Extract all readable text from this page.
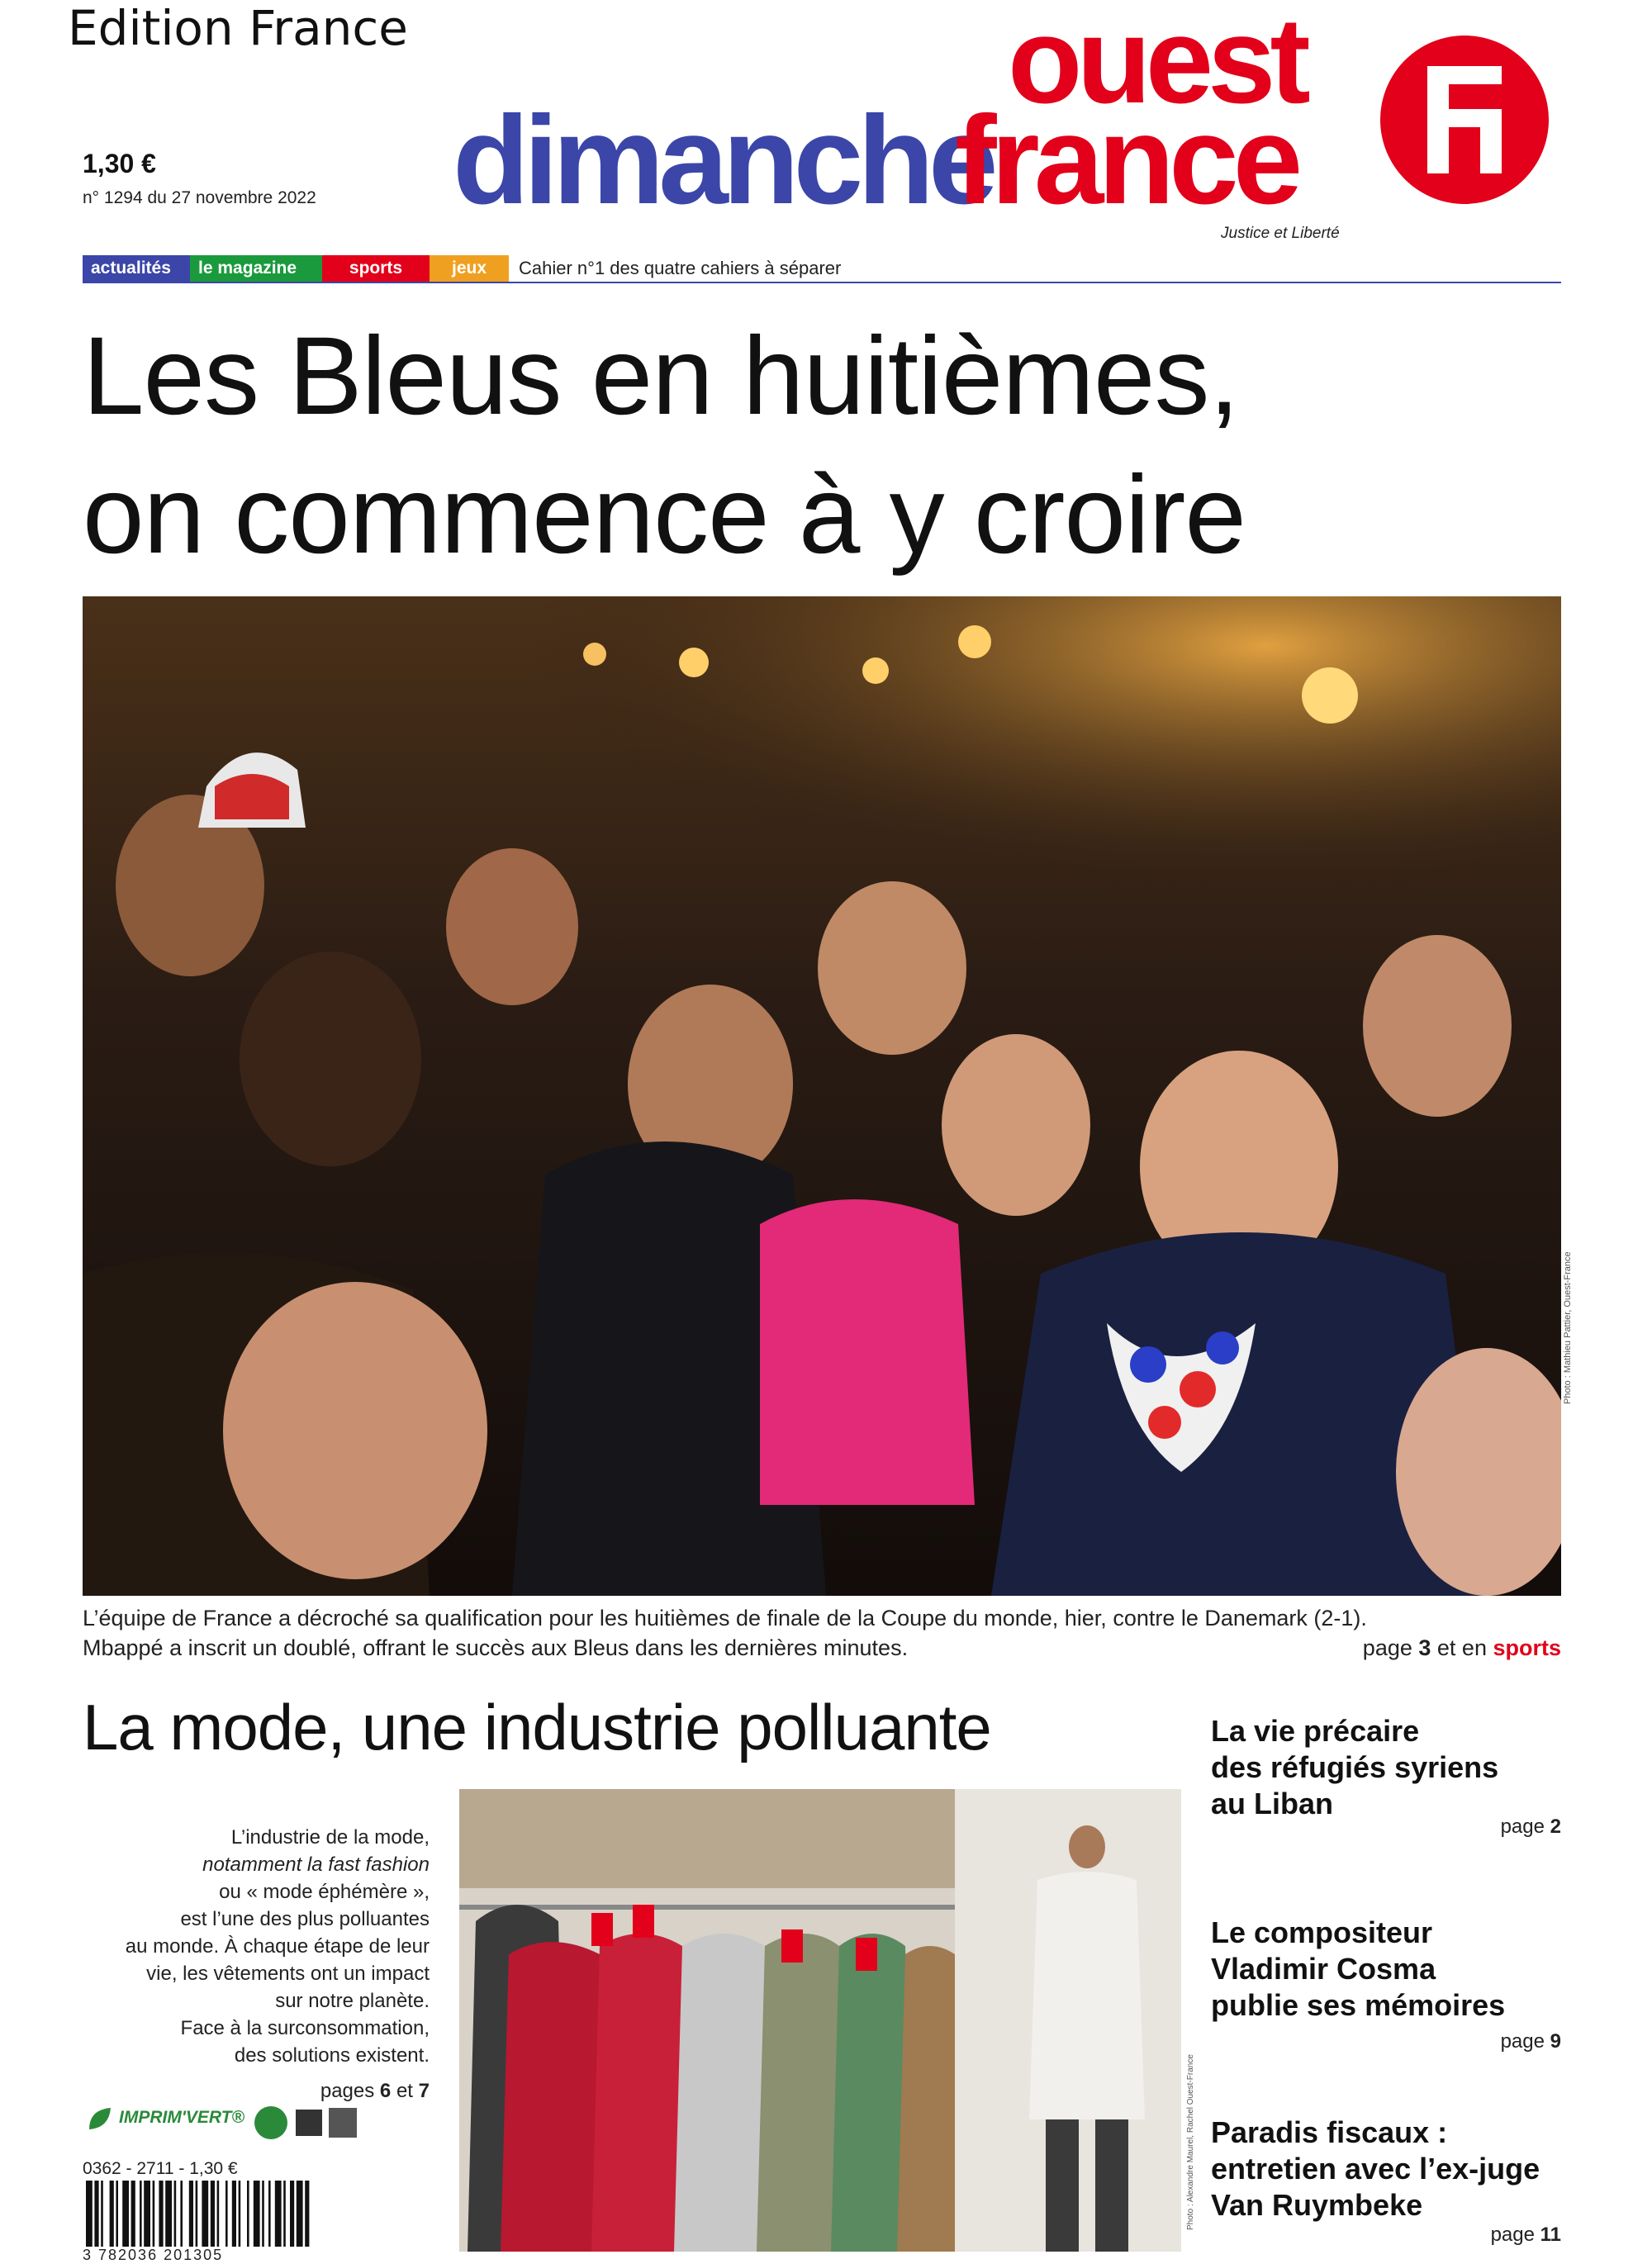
Edition France
1,30 €
n° 1294 du 27 novembre 2022 dimanche
ouest
france
Justice et Liberté
actualités	le magazine	sports	jeux	Cahier n°1 des quatre cahiers à séparer
Les Bleus en huitièmes,
on commence à y croire
Photo : Mathieu Pattier, Ouest-France
L’équipe de France a décroché sa qualification pour les huitièmes de finale de la Coupe du monde, hier, contre le Danemark (2-1).
Mbappé a inscrit un doublé, offrant le succès aux Bleus dans les dernières minutes.	page 3 et en sports
La mode, une industrie polluante
L’industrie de la mode,
notamment la fast fashion
ou « mode éphémère »,
est l’une des plus polluantes
au monde. À chaque étape de leur
vie, les vêtements ont un impact
sur notre planète.
Face à la surconsommation,
des solutions existent.
pages 6 et 7	Photo : Alexandre Maurel, Rachel Ouest-France
La vie précaire
des réfugiés syriens
au Liban
page 2
Le compositeur
Vladimir Cosma
publie ses mémoires
page 9
Paradis fiscaux :
entretien avec l’ex-juge
Van Ruymbeke
page 11
IMPRIM'VERT®
0362 - 2711 - 1,30 €
3 782036 201305
